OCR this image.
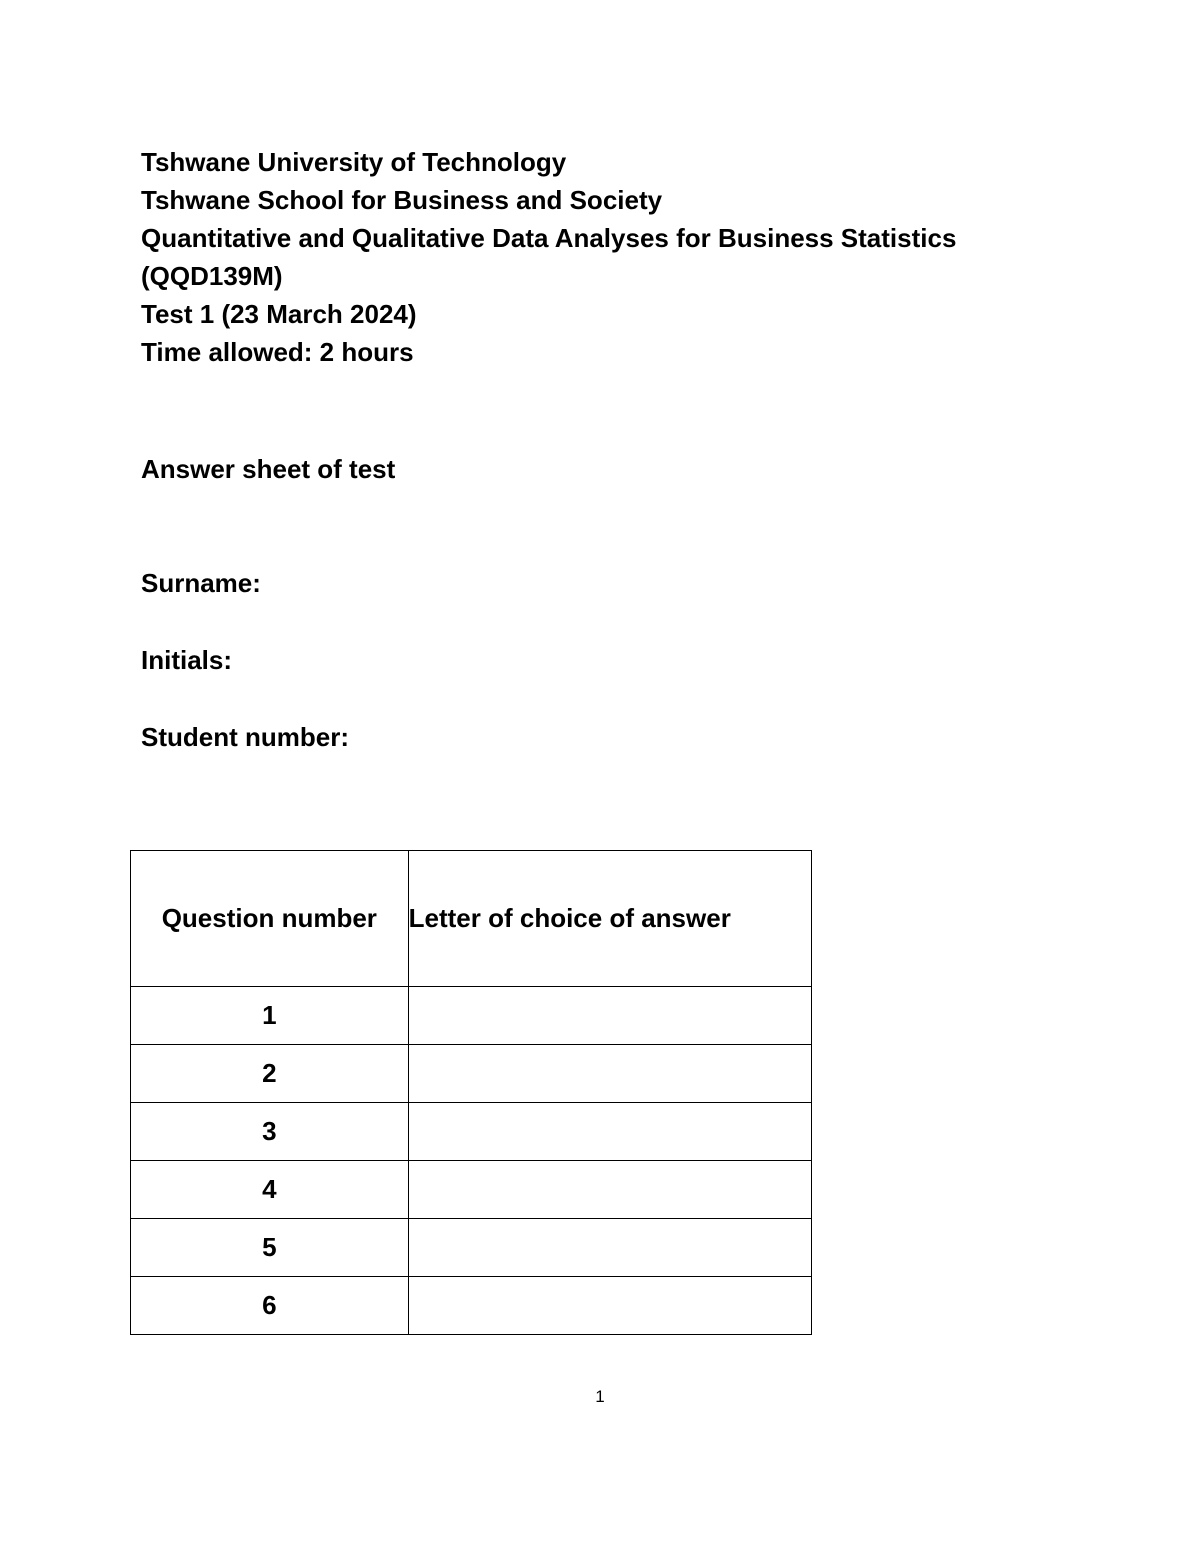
Tshwane University of Technology
Tshwane School for Business and Society
Quantitative and Qualitative Data Analyses for Business Statistics
(QQD139M)
Test 1 (23 March 2024)
Time allowed: 2 hours
Answer sheet of test
Surname:
Initials:
Student number:
Question number	Letter of choice of answer
1	
2	
3	
4	
5	
6	
1
